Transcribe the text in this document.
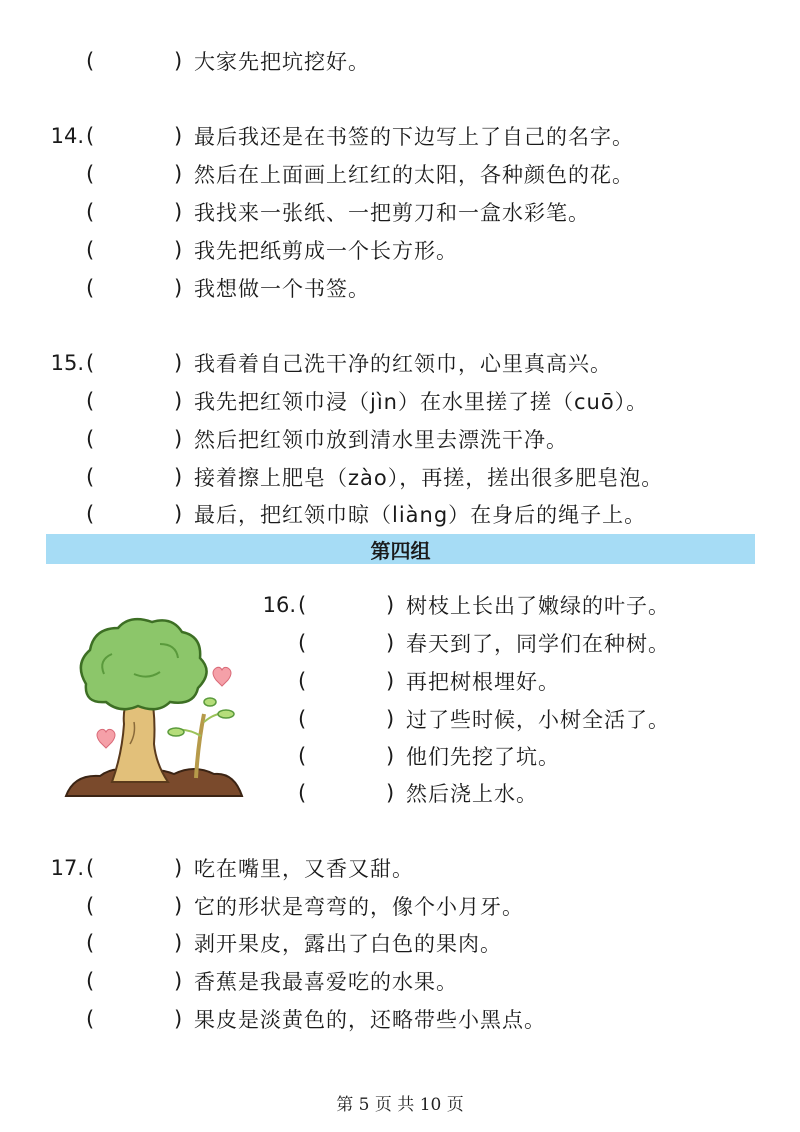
(	) 大家先把坑挖好。
14. (	) 最后我还是在书签的下边写上了自己的名字。
(	) 然后在上面画上红红的太阳，各种颜色的花。
(	) 我找来一张纸、一把剪刀和一盒水彩笔。
(	) 我先把纸剪成一个长方形。
(	) 我想做一个书签。
15. (	) 我看着自己洗干净的红领巾，心里真高兴。
(	) 我先把红领巾浸（jìn）在水里搓了搓（cuō）。
(	) 然后把红领巾放到清水里去漂洗干净。
(	) 接着擦上肥皂（zào），再搓，搓出很多肥皂泡。
(	) 最后，把红领巾晾（liàng）在身后的绳子上。
第四组
16. (	) 树枝上长出了嫩绿的叶子。
(	) 春天到了，同学们在种树。
(	) 再把树根埋好。
(	) 过了些时候，小树全活了。
(	) 他们先挖了坑。
(	) 然后浇上水。
17. (	) 吃在嘴里，又香又甜。
(	) 它的形状是弯弯的，像个小月牙。
(	) 剥开果皮，露出了白色的果肉。
(	) 香蕉是我最喜爱吃的水果。
(	) 果皮是淡黄色的，还略带些小黑点。
第 5 页 共 10 页
